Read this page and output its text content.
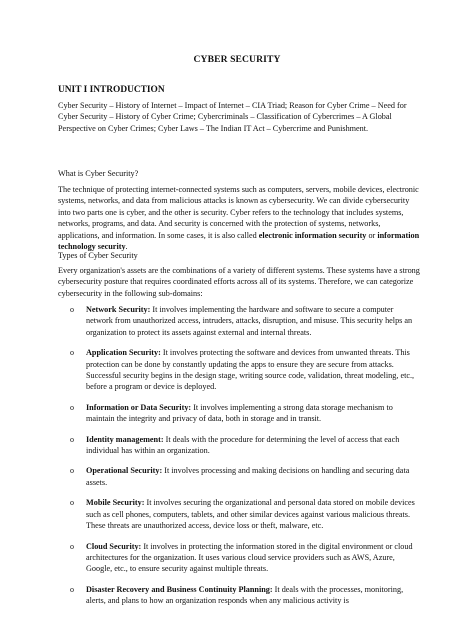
CYBER SECURITY
UNIT I INTRODUCTION
Cyber Security – History of Internet – Impact of Internet – CIA Triad; Reason for Cyber Crime – Need for Cyber Security – History of Cyber Crime; Cybercriminals – Classification of Cybercrimes – A Global Perspective on Cyber Crimes; Cyber Laws – The Indian IT Act – Cybercrime and Punishment.
What is Cyber Security?
The technique of protecting internet-connected systems such as computers, servers, mobile devices, electronic systems, networks, and data from malicious attacks is known as cybersecurity. We can divide cybersecurity into two parts one is cyber, and the other is security. Cyber refers to the technology that includes systems, networks, programs, and data. And security is concerned with the protection of systems, networks, applications, and information. In some cases, it is also called electronic information security or information technology security.
Types of Cyber Security
Every organization's assets are the combinations of a variety of different systems. These systems have a strong cybersecurity posture that requires coordinated efforts across all of its systems. Therefore, we can categorize cybersecurity in the following sub-domains:
o Network Security: It involves implementing the hardware and software to secure a computer network from unauthorized access, intruders, attacks, disruption, and misuse. This security helps an organization to protect its assets against external and internal threats.
o Application Security: It involves protecting the software and devices from unwanted threats. This protection can be done by constantly updating the apps to ensure they are secure from attacks. Successful security begins in the design stage, writing source code, validation, threat modeling, etc., before a program or device is deployed.
o Information or Data Security: It involves implementing a strong data storage mechanism to maintain the integrity and privacy of data, both in storage and in transit.
o Identity management: It deals with the procedure for determining the level of access that each individual has within an organization.
o Operational Security: It involves processing and making decisions on handling and securing data assets.
o Mobile Security: It involves securing the organizational and personal data stored on mobile devices such as cell phones, computers, tablets, and other similar devices against various malicious threats. These threats are unauthorized access, device loss or theft, malware, etc.
o Cloud Security: It involves in protecting the information stored in the digital environment or cloud architectures for the organization. It uses various cloud service providers such as AWS, Azure, Google, etc., to ensure security against multiple threats.
o Disaster Recovery and Business Continuity Planning: It deals with the processes, monitoring, alerts, and plans to how an organization responds when any malicious activity is
